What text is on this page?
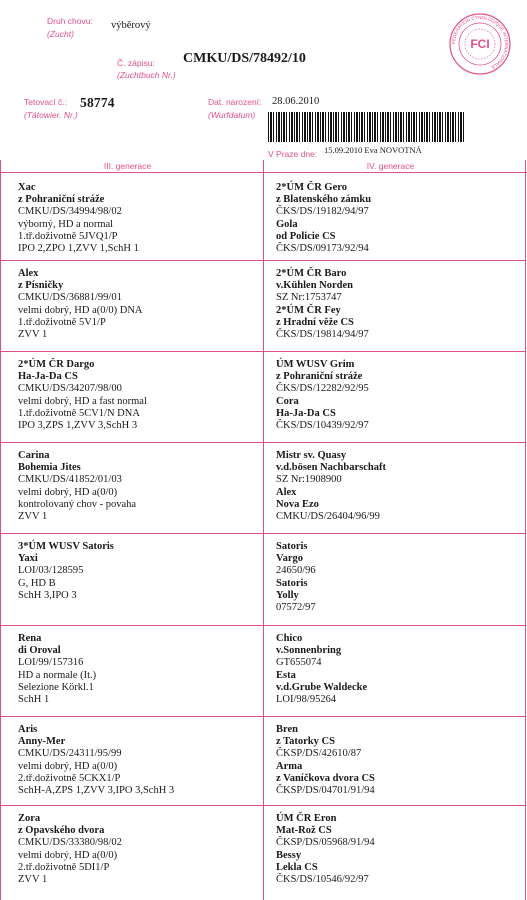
Druh chovu:
(Zucht)
výběrový
Č. zápisu:
(Zuchtbuch Nr.)
CMKU/DS/78492/10
Tetovací č.:
(Tätowier. Nr.)
58774	Dat. narození:
(Wurfdatum)
28.06.2010
V Praze dne: 15.09.2010 Eva NOVOTNÁ
FEDERATION CYNOLOGIQUE INTERNATIONALE
FCI
III. generace	IV. generace
Xac
z Pohraniční stráže
CMKU/DS/34994/98/02
výborný, HD a normal
1.tř.doživotně 5JVQ1/P
IPO 2,ZPO 1,ZVV 1,SchH 1
2*ÚM ČR Gero
z Blatenského zámku
ČKS/DS/19182/94/97
Gola
od Policie CS
ČKS/DS/09173/92/94
Alex
z Písničky
CMKU/DS/36881/99/01
velmi dobrý, HD a(0/0) DNA
1.tř.doživotně 5V1/P
ZVV 1
2*ÚM ČR Baro
v.Kühlen Norden
SZ Nr:1753747
2*ÚM ČR Fey
z Hradní věže CS
ČKS/DS/19814/94/97
2*ÚM ČR Dargo
Ha-Ja-Da CS
CMKU/DS/34207/98/00
velmi dobrý, HD a fast normal
1.tř.doživotně 5CV1/N DNA
IPO 3,ZPS 1,ZVV 3,SchH 3
ÚM WUSV Grim
z Pohraniční stráže
ČKS/DS/12282/92/95
Cora
Ha-Ja-Da CS
ČKS/DS/10439/92/97
Carina
Bohemia Jites
CMKU/DS/41852/01/03
velmi dobrý, HD a(0/0)
kontrolovaný chov - povaha
ZVV 1
Mistr sv. Quasy
v.d.bösen Nachbarschaft
SZ Nr:1908900
Alex
Nova Ezo
CMKU/DS/26404/96/99
3*ÚM WUSV Satoris
Yaxi
LOI/03/128595
G, HD B
SchH 3,IPO 3
Satoris
Vargo
24650/96
Satoris
Yolly
07572/97
Rena
di Oroval
LOI/99/157316
HD a normale (It.)
Selezione Körkl.1
SchH 1
Chico
v.Sonnenbring
GT655074
Esta
v.d.Grube Waldecke
LOI/98/95264
Aris
Anny-Mer
CMKU/DS/24311/95/99
velmi dobrý, HD a(0/0)
2.tř.doživotně 5CKX1/P
SchH-A,ZPS 1,ZVV 3,IPO 3,SchH 3
Bren
z Tatorky CS
ČKSP/DS/42610/87
Arma
z Vaníčkova dvora CS
ČKSP/DS/04701/91/94
Zora
z Opavského dvora
CMKU/DS/33380/98/02
velmi dobrý, HD a(0/0)
2.tř.doživotně 5DI1/P
ZVV 1
ÚM ČR Eron
Mat-Rož CS
ČKSP/DS/05968/91/94
Bessy
Lekla CS
ČKS/DS/10546/92/97
